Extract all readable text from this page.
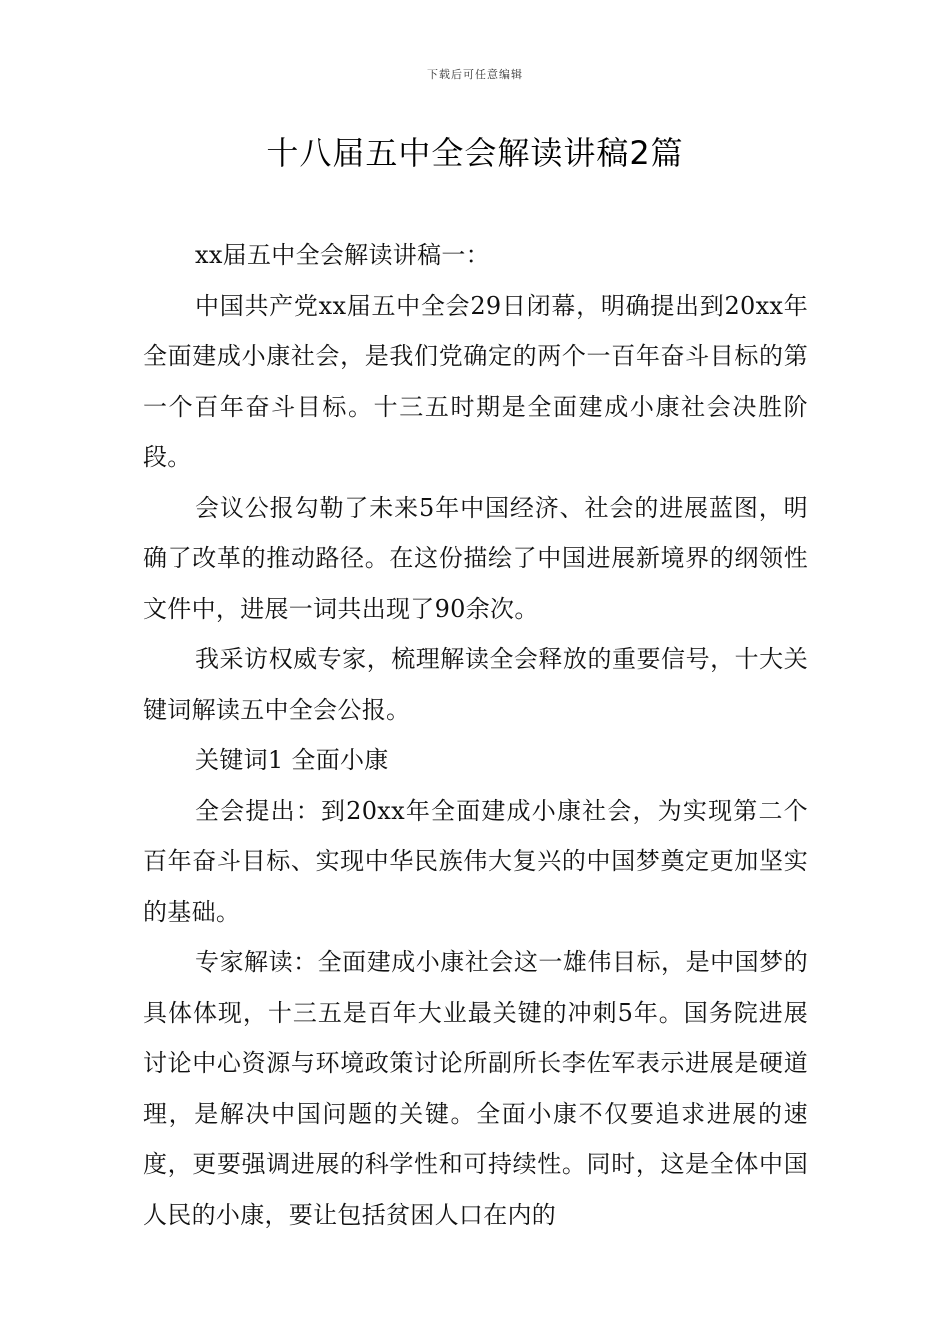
下载后可任意编辑
十八届五中全会解读讲稿2篇

xx届五中全会解读讲稿一：

中国共产党xx届五中全会29日闭幕，明确提出到20xx年全面建成小康社会，是我们党确定的两个一百年奋斗目标的第一个百年奋斗目标。十三五时期是全面建成小康社会决胜阶段。

会议公报勾勒了未来5年中国经济、社会的进展蓝图，明确了改革的推动路径。在这份描绘了中国进展新境界的纲领性文件中，进展一词共出现了90余次。

我采访权威专家，梳理解读全会释放的重要信号，十大关键词解读五中全会公报。

关键词1 全面小康

全会提出：到20xx年全面建成小康社会，为实现第二个百年奋斗目标、实现中华民族伟大复兴的中国梦奠定更加坚实的基础。

专家解读：全面建成小康社会这一雄伟目标，是中国梦的具体体现，十三五是百年大业最关键的冲刺5年。国务院进展讨论中心资源与环境政策讨论所副所长李佐军表示进展是硬道理，是解决中国问题的关键。全面小康不仅要追求进展的速度，更要强调进展的科学性和可持续性。同时，这是全体中国人民的小康，要让包括贫困人口在内的
